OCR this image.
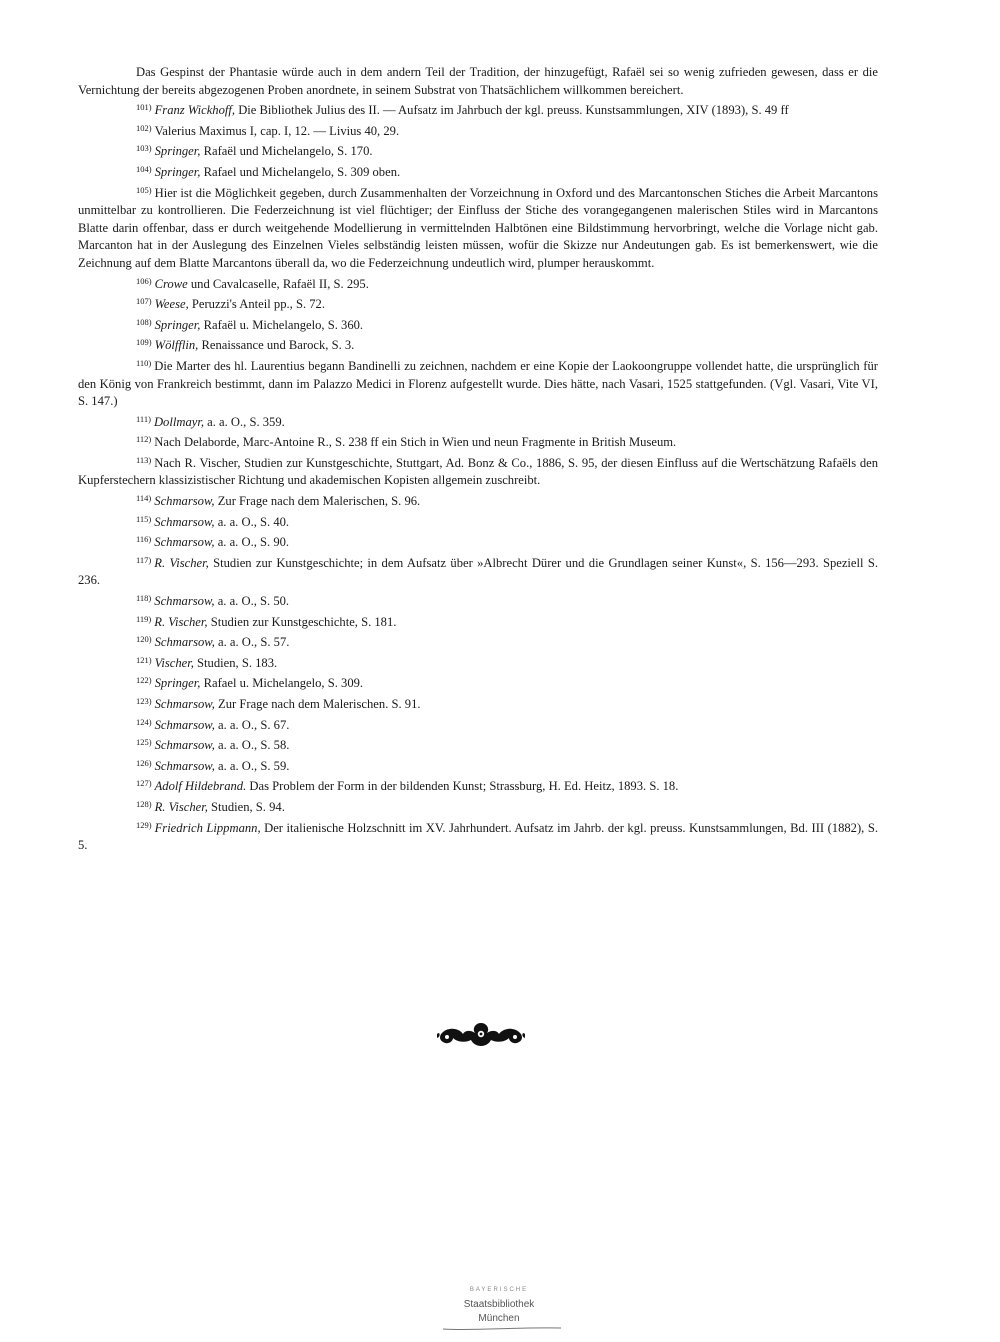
Das Gespinst der Phantasie würde auch in dem andern Teil der Tradition, der hinzugefügt, Rafaël sei so wenig zufrieden gewesen, dass er die Vernichtung der bereits abgezogenen Proben anordnete, in seinem Substrat von Thatsächlichem willkommen bereichert.

$^{101)}$ Franz Wickhoff, Die Bibliothek Julius des II. — Aufsatz im Jahrbuch der kgl. preuss. Kunstsammlungen, XIV (1893), S. 49 ff

$^{102)}$ Valerius Maximus I, cap. I, 12. — Livius 40, 29.

$^{103)}$ Springer, Rafaël und Michelangelo, S. 170.

$^{104)}$ Springer, Rafael und Michelangelo, S. 309 oben.

$^{105)}$ Hier ist die Möglichkeit gegeben, durch Zusammenhalten der Vorzeichnung in Oxford und des Marcantonschen Stiches die Arbeit Marcantons unmittelbar zu kontrollieren. Die Federzeichnung ist viel flüchtiger; der Einfluss der Stiche des vorangegangenen malerischen Stiles wird in Marcantons Blatte darin offenbar, dass er durch weitgehende Modellierung in vermittelnden Halbtönen eine Bildstimmung hervorbringt, welche die Vorlage nicht gab. Marcanton hat in der Auslegung des Einzelnen Vieles selbständig leisten müssen, wofür die Skizze nur Andeutungen gab. Es ist bemerkenswert, wie die Zeichnung auf dem Blatte Marcantons überall da, wo die Federzeichnung undeutlich wird, plumper herauskommt.

$^{106)}$ Crowe und Cavalcaselle, Rafaël II, S. 295.

$^{107)}$ Weese, Peruzzi's Anteil pp., S. 72.

$^{108)}$ Springer, Rafaël u. Michelangelo, S. 360.

$^{109)}$ Wölfflin, Renaissance und Barock, S. 3.

$^{110)}$ Die Marter des hl. Laurentius begann Bandinelli zu zeichnen, nachdem er eine Kopie der Laokoongruppe vollendet hatte, die ursprünglich für den König von Frankreich bestimmt, dann im Palazzo Medici in Florenz aufgestellt wurde. Dies hätte, nach Vasari, 1525 stattgefunden. (Vgl. Vasari, Vite VI, S. 147.)

$^{111)}$ Dollmayr, a. a. O., S. 359.

$^{112)}$ Nach Delaborde, Marc-Antoine R., S. 238 ff ein Stich in Wien und neun Fragmente in British Museum.

$^{113)}$ Nach R. Vischer, Studien zur Kunstgeschichte, Stuttgart, Ad. Bonz & Co., 1886, S. 95, der diesen Einfluss auf die Wertschätzung Rafaëls den Kupferstechern klassizistischer Richtung und akademischen Kopisten allgemein zuschreibt.

$^{114)}$ Schmarsow, Zur Frage nach dem Malerischen, S. 96.

$^{115)}$ Schmarsow, a. a. O., S. 40.

$^{116)}$ Schmarsow, a. a. O., S. 90.

$^{117)}$ R. Vischer, Studien zur Kunstgeschichte; in dem Aufsatz über »Albrecht Dürer und die Grundlagen seiner Kunst«, S. 156—293. Speziell S. 236.

$^{118)}$ Schmarsow, a. a. O., S. 50.

$^{119)}$ R. Vischer, Studien zur Kunstgeschichte, S. 181.

$^{120)}$ Schmarsow, a. a. O., S. 57.

$^{121)}$ Vischer, Studien, S. 183.

$^{122)}$ Springer, Rafael u. Michelangelo, S. 309.

$^{123)}$ Schmarsow, Zur Frage nach dem Malerischen. S. 91.

$^{124)}$ Schmarsow, a. a. O., S. 67.

$^{125)}$ Schmarsow, a. a. O., S. 58.

$^{126)}$ Schmarsow, a. a. O., S. 59.

$^{127)}$ Adolf Hildebrand. Das Problem der Form in der bildenden Kunst; Strassburg, H. Ed. Heitz, 1893. S. 18.

$^{128)}$ R. Vischer, Studien, S. 94.

$^{129)}$ Friedrich Lippmann, Der italienische Holzschnitt im XV. Jahrhundert. Aufsatz im Jahrb. der kgl. preuss. Kunstsammlungen, Bd. III (1882), S. 5.

BAYERISCHE
Staatsbibliothek
München
